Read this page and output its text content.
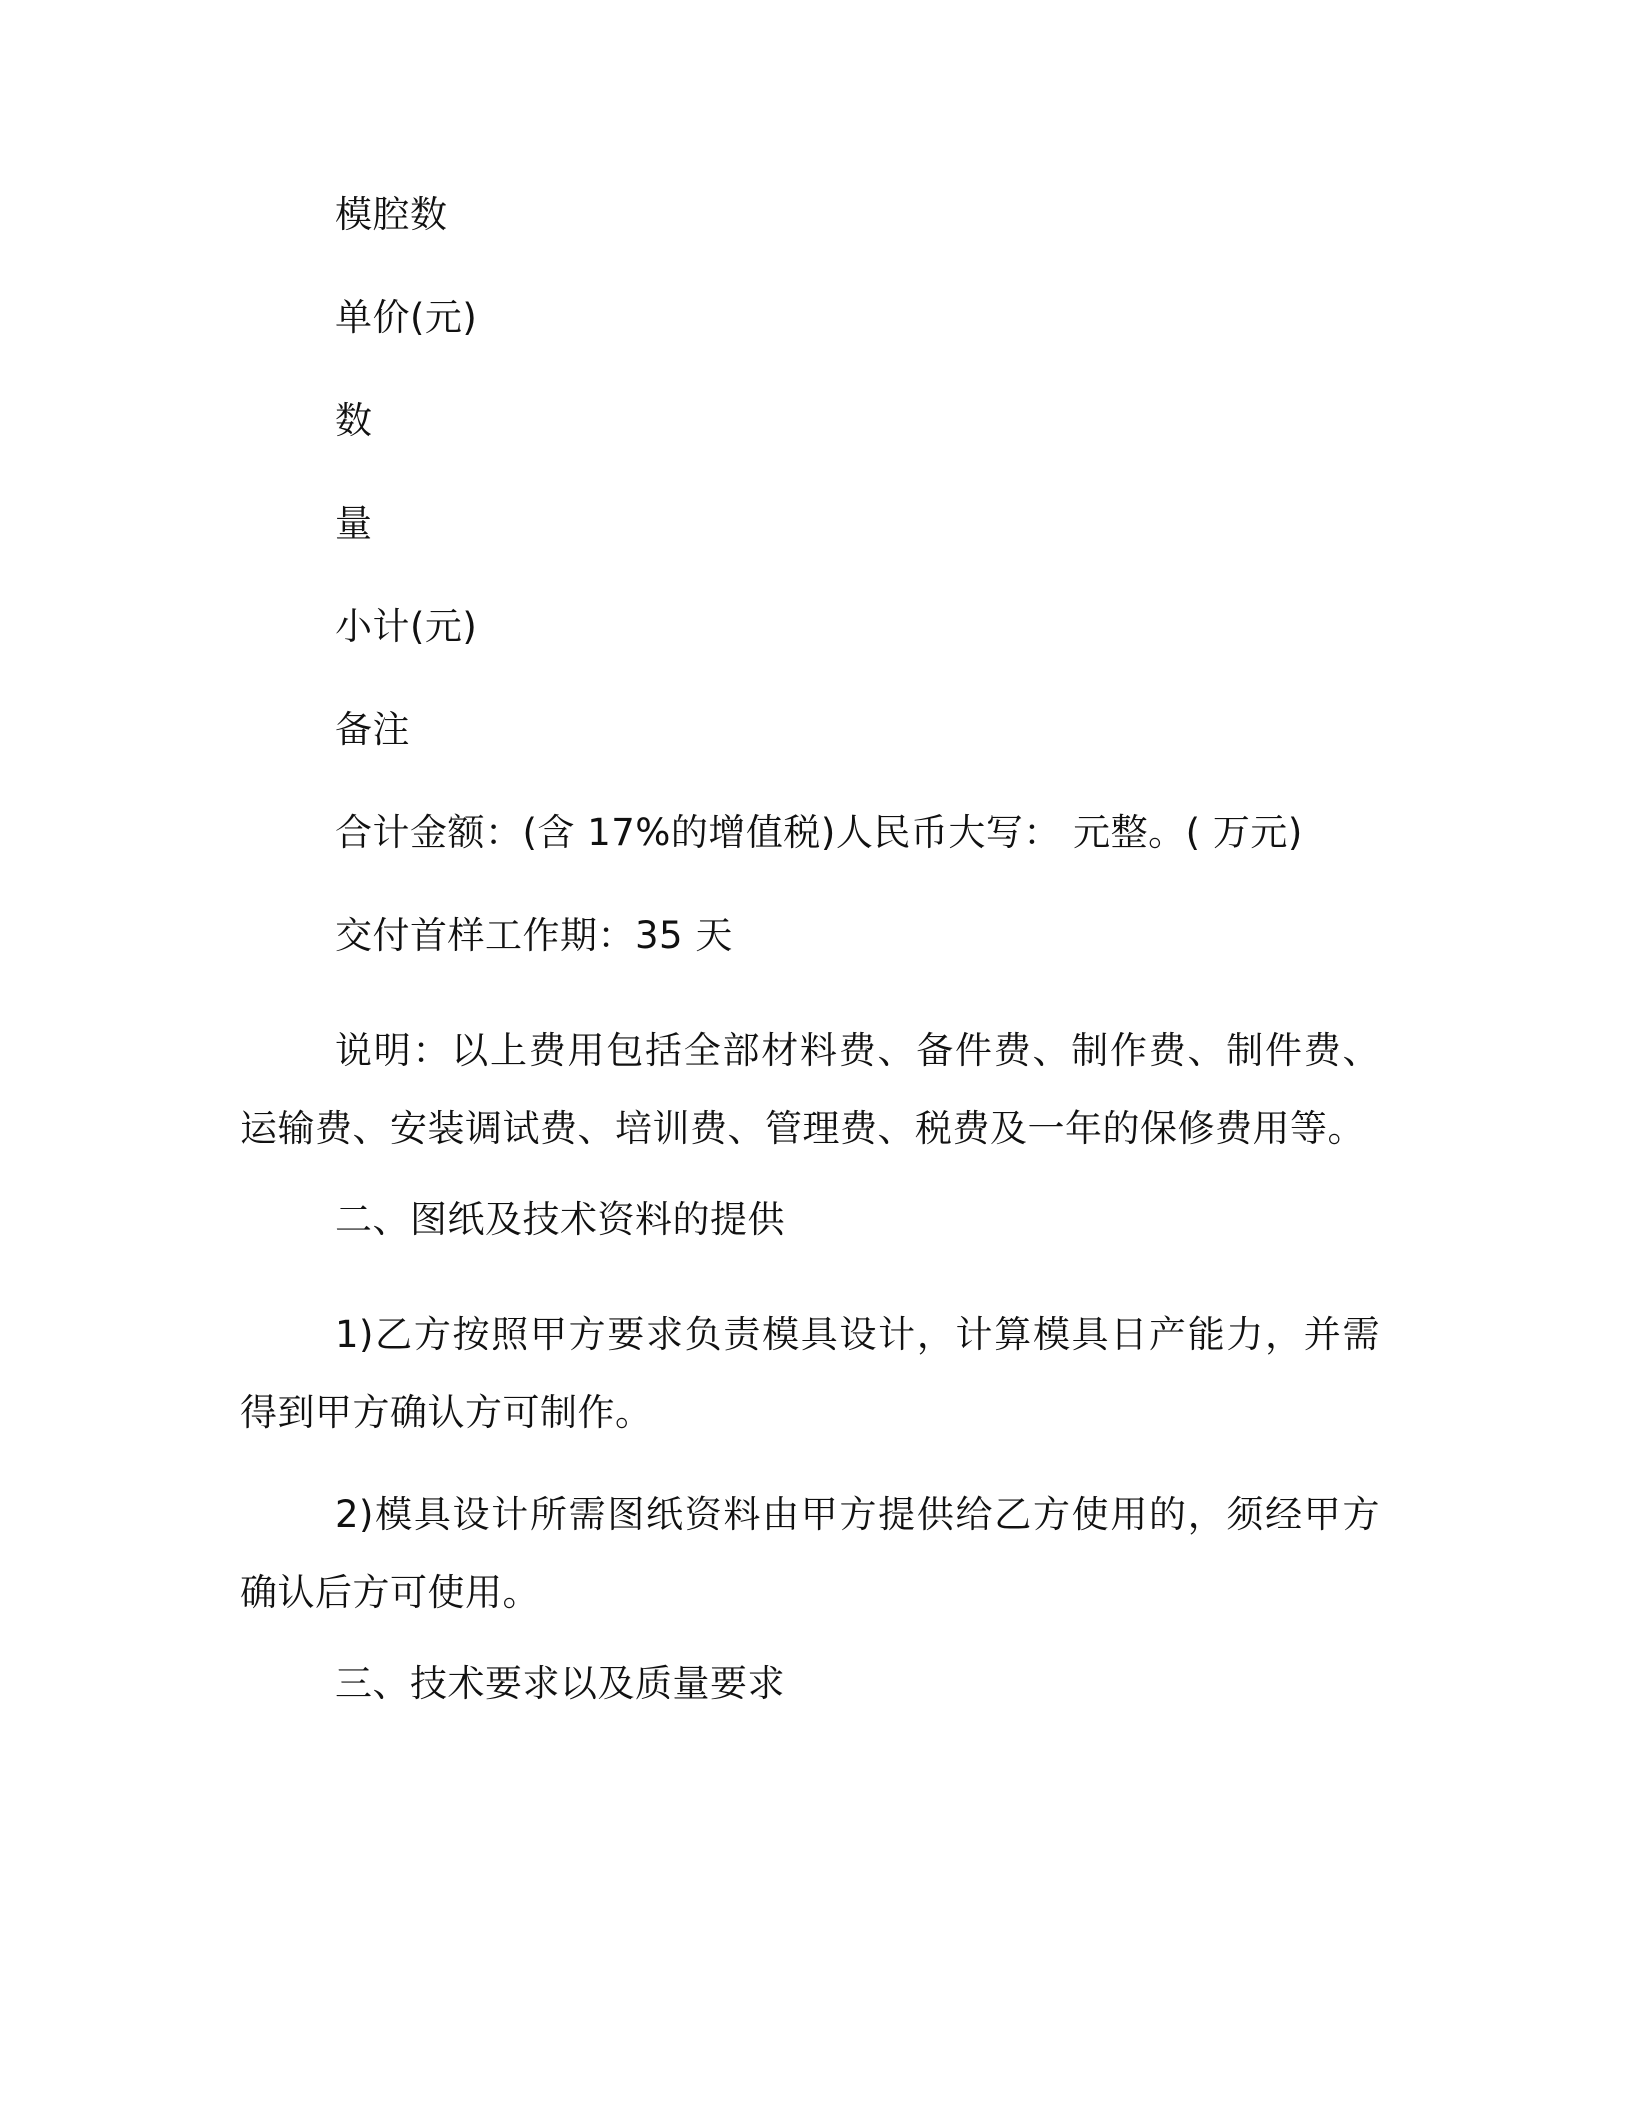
模腔数
单价(元)
数
量
小计(元)
备注
合计金额：(含 17%的增值税)人民币大写： 元整。( 万元)
交付首样工作期：35 天
说明：以上费用包括全部材料费、备件费、制作费、制件费、运输费、安装调试费、培训费、管理费、税费及一年的保修费用等。
二、图纸及技术资料的提供
1)乙方按照甲方要求负责模具设计，计算模具日产能力，并需得到甲方确认方可制作。
2)模具设计所需图纸资料由甲方提供给乙方使用的，须经甲方确认后方可使用。
三、技术要求以及质量要求
